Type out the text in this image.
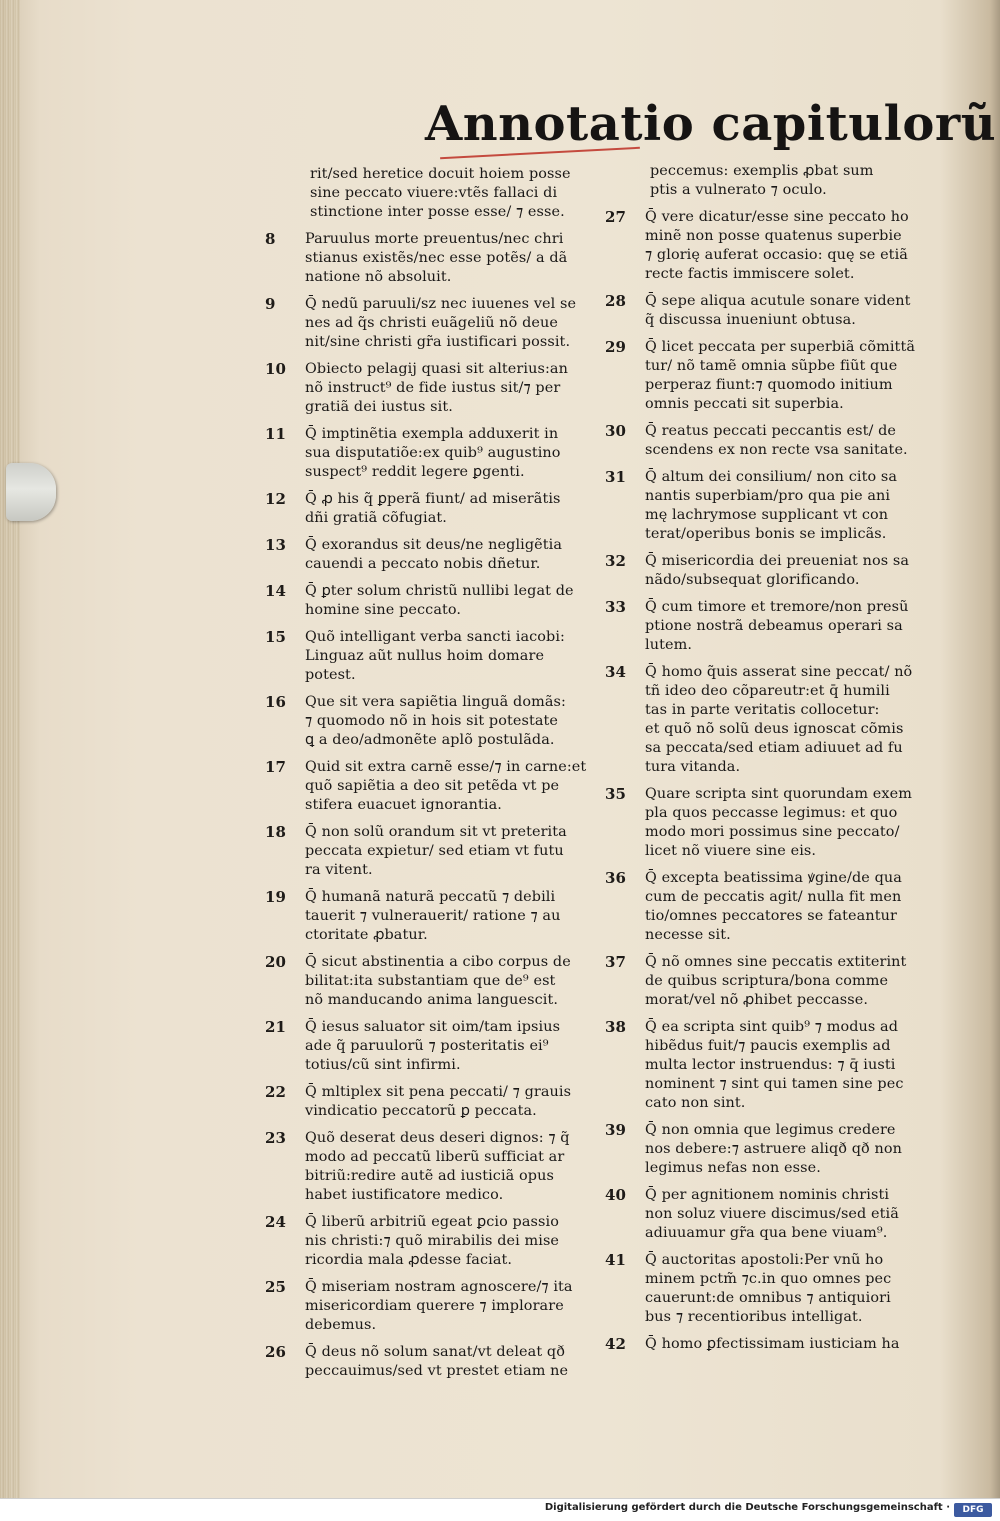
Annotatio capitulorũ
rit/sed heretice docuit hoiem posse
sine peccato viuere:vtẽs fallaci di
stinctione inter posse esse/ ⁊ esse.
8	Paruulus morte preuentus/nec chri
stianus existẽs/nec esse potẽs/ a dã
natione nõ absoluit.
9	Q̄ nedũ paruuli/sz nec iuuenes vel se
nes ad q̃s christi euãgeliũ nõ deue
nit/sine christi gr̃a iustificari possit.
10	Obiecto pelagij quasi sit alterius:an
nõ instruct⁹ de fide iustus sit/⁊ per
gratiã dei iustus sit.
11	Q̄ imptinẽtia exempla adduxerit in
sua disputatiõe:ex quib⁹ augustino
suspect⁹ reddit legere ꝑgenti.
12	Q̄ ꝓ his q̃ ꝑperã fiunt/ ad miserãtis
dñi gratiã cõfugiat.
13	Q̄ exorandus sit deus/ne negligẽtia
cauendi a peccato nobis dñetur.
14	Q̄ ꝑter solum christũ nullibi legat de
homine sine peccato.
15	Quõ intelligant verba sancti iacobi:
Linguaz aũt nullus hoim domare
potest.
16	Que sit vera sapiẽtia linguã domãs:
⁊ quomodo nõ in hois sit potestate
ꝗ a deo/admonẽte aplõ postulãda.
17	Quid sit extra carnẽ esse/⁊ in carne:et
quõ sapiẽtia a deo sit petẽda vt pe
stifera euacuet ignorantia.
18	Q̄ non solũ orandum sit vt preterita
peccata expietur/ sed etiam vt futu
ra vitent.
19	Q̄ humanã naturã peccatũ ⁊ debili
tauerit ⁊ vulnerauerit/ ratione ⁊ au
ctoritate ꝓbatur.
20	Q̄ sicut abstinentia a cibo corpus de
bilitat:ita substantiam que de⁹ est
nõ manducando anima languescit.
21	Q̄ iesus saluator sit oim/tam ipsius
ade q̃ paruulorũ ⁊ posteritatis ei⁹
totius/cũ sint infirmi.
22	Q̄ mltiplex sit pena peccati/ ⁊ grauis
vindicatio peccatorũ ꝑ peccata.
23	Quõ deserat deus deseri dignos: ⁊ q̃
modo ad peccatũ liberũ sufficiat ar
bitriũ:redire autẽ ad iusticiã opus
habet iustificatore medico.
24	Q̄ liberũ arbitriũ egeat ꝑcio passio
nis christi:⁊ quõ mirabilis dei mise
ricordia mala ꝓdesse faciat.
25	Q̄ miseriam nostram agnoscere/⁊ ita
misericordiam querere ⁊ implorare
debemus.
26	Q̄ deus nõ solum sanat/vt deleat qð
peccauimus/sed vt prestet etiam ne
peccemus: exemplis ꝓbat sum
ptis a vulnerato ⁊ oculo.
27	Q̄ vere dicatur/esse sine peccato ho
minẽ non posse quatenus superbie
⁊ glorię auferat occasio: quę se etiã
recte factis immiscere solet.
28	Q̄ sepe aliqua acutule sonare vident
q̃ discussa inueniunt obtusa.
29	Q̄ licet peccata per superbiã cõmittã
tur/ nõ tamẽ omnia sũpbe fiũt que
perperaz fiunt:⁊ quomodo initium
omnis peccati sit superbia.
30	Q̄ reatus peccati peccantis est/ de
scendens ex non recte vsa sanitate.
31	Q̄ altum dei consilium/ non cito sa
nantis superbiam/pro qua pie ani
mę lachrymose supplicant vt con
terat/operibus bonis se implicãs.
32	Q̄ misericordia dei preueniat nos sa
nãdo/subsequat glorificando.
33	Q̄ cum timore et tremore/non presũ
ptione nostrã debeamus operari sa
lutem.
34	Q̄ homo q̃uis asserat sine peccat/ nõ
tñ ideo deo cõpareutr:et q̄ humili
tas in parte veritatis collocetur:
et quõ nõ solũ deus ignoscat cõmis
sa peccata/sed etiam adiuuet ad fu
tura vitanda.
35	Quare scripta sint quorundam exem
pla quos peccasse legimus: et quo
modo mori possimus sine peccato/
licet nõ viuere sine eis.
36	Q̄ excepta beatissima ꝟgine/de qua
cum de peccatis agit/ nulla fit men
tio/omnes peccatores se fateantur
necesse sit.
37	Q̄ nõ omnes sine peccatis extiterint
de quibus scriptura/bona comme
morat/vel nõ ꝓhibet peccasse.
38	Q̄ ea scripta sint quib⁹ ⁊ modus ad
hibẽdus fuit/⁊ paucis exemplis ad
multa lector instruendus: ⁊ q̄ iusti
nominent ⁊ sint qui tamen sine pec
cato non sint.
39	Q̄ non omnia que legimus credere
nos debere:⁊ astruere aliqð qð non
legimus nefas non esse.
40	Q̄ per agnitionem nominis christi
non soluz viuere discimus/sed etiã
adiuuamur gr̃a qua bene viuam⁹.
41	Q̄ auctoritas apostoli:Per vnũ ho
minem pctm̃ ⁊c.in quo omnes pec
cauerunt:de omnibus ⁊ antiquiori
bus ⁊ recentioribus intelligat.
42	Q̄ homo ꝑfectissimam iusticiam ha
Digitalisierung gefördert durch die Deutsche Forschungsgemeinschaft ·	DFG
